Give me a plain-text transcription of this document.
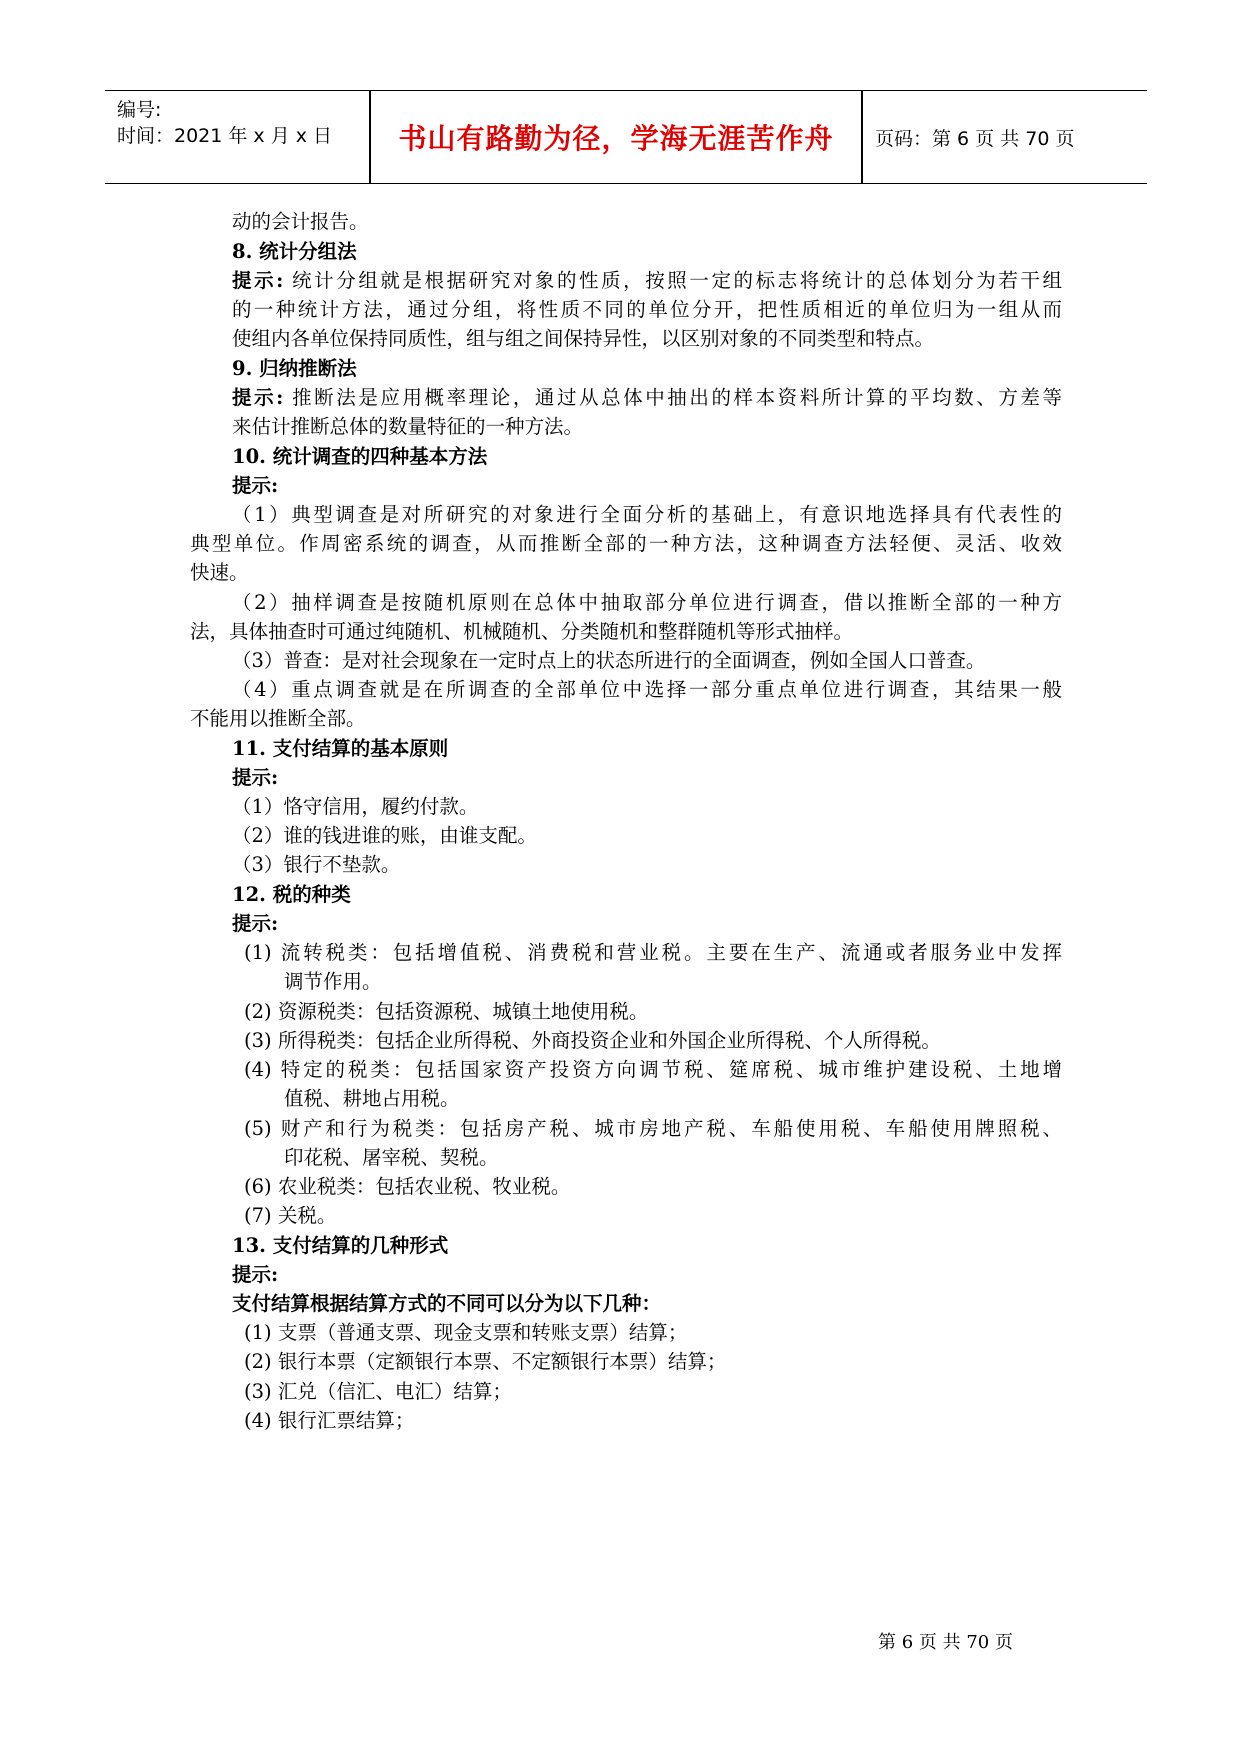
编号:
时间：2021 年 x 月 x 日	书山有路勤为径，学海无涯苦作舟	页码：第 6 页 共 70 页
动的会计报告。
8. 统计分组法
提示: 统计分组就是根据研究对象的性质，按照一定的标志将统计的总体划分为若干组
的一种统计方法，通过分组，将性质不同的单位分开，把性质相近的单位归为一组从而
使组内各单位保持同质性，组与组之间保持异性，以区别对象的不同类型和特点。
9. 归纳推断法
提示: 推断法是应用概率理论，通过从总体中抽出的样本资料所计算的平均数、方差等
来估计推断总体的数量特征的一种方法。
10. 统计调查的四种基本方法
提示:
（1）典型调查是对所研究的对象进行全面分析的基础上，有意识地选择具有代表性的
典型单位。作周密系统的调查，从而推断全部的一种方法，这种调查方法轻便、灵活、收效
快速。
（2）抽样调查是按随机原则在总体中抽取部分单位进行调查，借以推断全部的一种方
法，具体抽查时可通过纯随机、机械随机、分类随机和整群随机等形式抽样。
（3）普查：是对社会现象在一定时点上的状态所进行的全面调查，例如全国人口普查。
（4）重点调查就是在所调查的全部单位中选择一部分重点单位进行调查，其结果一般
不能用以推断全部。
11. 支付结算的基本原则
提示:
（1）恪守信用，履约付款。
（2）谁的钱进谁的账，由谁支配。
（3）银行不垫款。
12. 税的种类
提示:
(1) 流转税类：包括增值税、消费税和营业税。主要在生产、流通或者服务业中发挥
调节作用。
(2) 资源税类：包括资源税、城镇土地使用税。
(3) 所得税类：包括企业所得税、外商投资企业和外国企业所得税、个人所得税。
(4) 特定的税类：包括国家资产投资方向调节税、筵席税、城市维护建设税、土地增
值税、耕地占用税。
(5) 财产和行为税类：包括房产税、城市房地产税、车船使用税、车船使用牌照税、
印花税、屠宰税、契税。
(6) 农业税类：包括农业税、牧业税。
(7) 关税。
13. 支付结算的几种形式
提示:
支付结算根据结算方式的不同可以分为以下几种：
(1) 支票（普通支票、现金支票和转账支票）结算；
(2) 银行本票（定额银行本票、不定额银行本票）结算；
(3) 汇兑（信汇、电汇）结算；
(4) 银行汇票结算；
第 6 页 共 70 页
